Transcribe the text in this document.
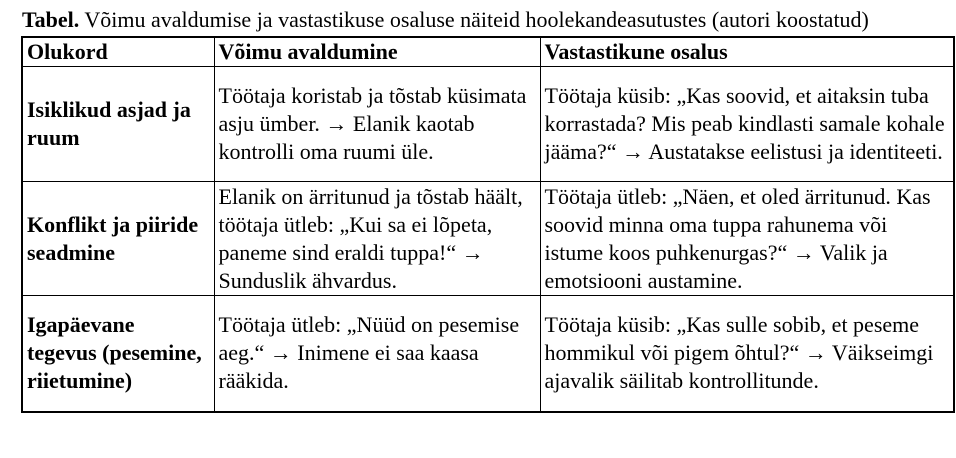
Tabel. Võimu avaldumise ja vastastikuse osaluse näiteid hoolekandeasutustes (autori koostatud)

Olukord	Võimu avaldumine	Vastastikune osalus
Isiklikud asjad ja ruum	Töötaja koristab ja tõstab küsimata asju ümber. → Elanik kaotab kontrolli oma ruumi üle.	Töötaja küsib: „Kas soovid, et aitaksin tuba korrastada? Mis peab kindlasti samale kohale jääma?“ → Austatakse eelistusi ja identiteeti.
Konflikt ja piiride seadmine	Elanik on ärritunud ja tõstab häält, töötaja ütleb: „Kui sa ei lõpeta, paneme sind eraldi tuppa!“ → Sunduslik ähvardus.	Töötaja ütleb: „Näen, et oled ärritunud. Kas soovid minna oma tuppa rahunema või istume koos puhkenurgas?“ → Valik ja emotsiooni austamine.
Igapäevane tegevus (pesemine, riietumine)	Töötaja ütleb: „Nüüd on pesemise aeg.“ → Inimene ei saa kaasa rääkida.	Töötaja küsib: „Kas sulle sobib, et peseme hommikul või pigem õhtul?“ → Väikseimgi ajavalik säilitab kontrollitunde.
